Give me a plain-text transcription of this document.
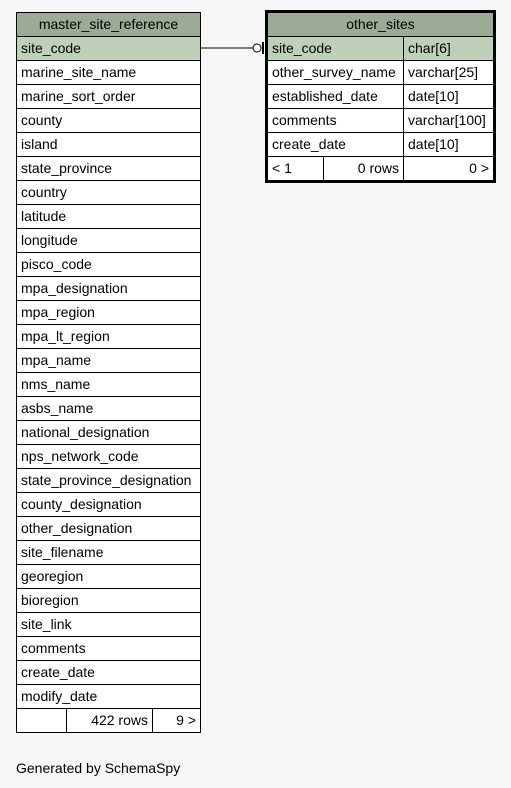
master_site_reference
site_code
marine_site_name
marine_sort_order
county
island
state_province
country
latitude
longitude
pisco_code
mpa_designation
mpa_region
mpa_lt_region
mpa_name
nms_name
asbs_name
national_designation
nps_network_code
state_province_designation
county_designation
other_designation
site_filename
georegion
bioregion
site_link
comments
create_date
modify_date
	422 rows	9 >
other_sites		
site_code		char[6]
other_survey_name		varchar[25]
established_date		date[10]
comments		varchar[100]
create_date		date[10]
< 1	0 rows	0 >
Generated by SchemaSpy
